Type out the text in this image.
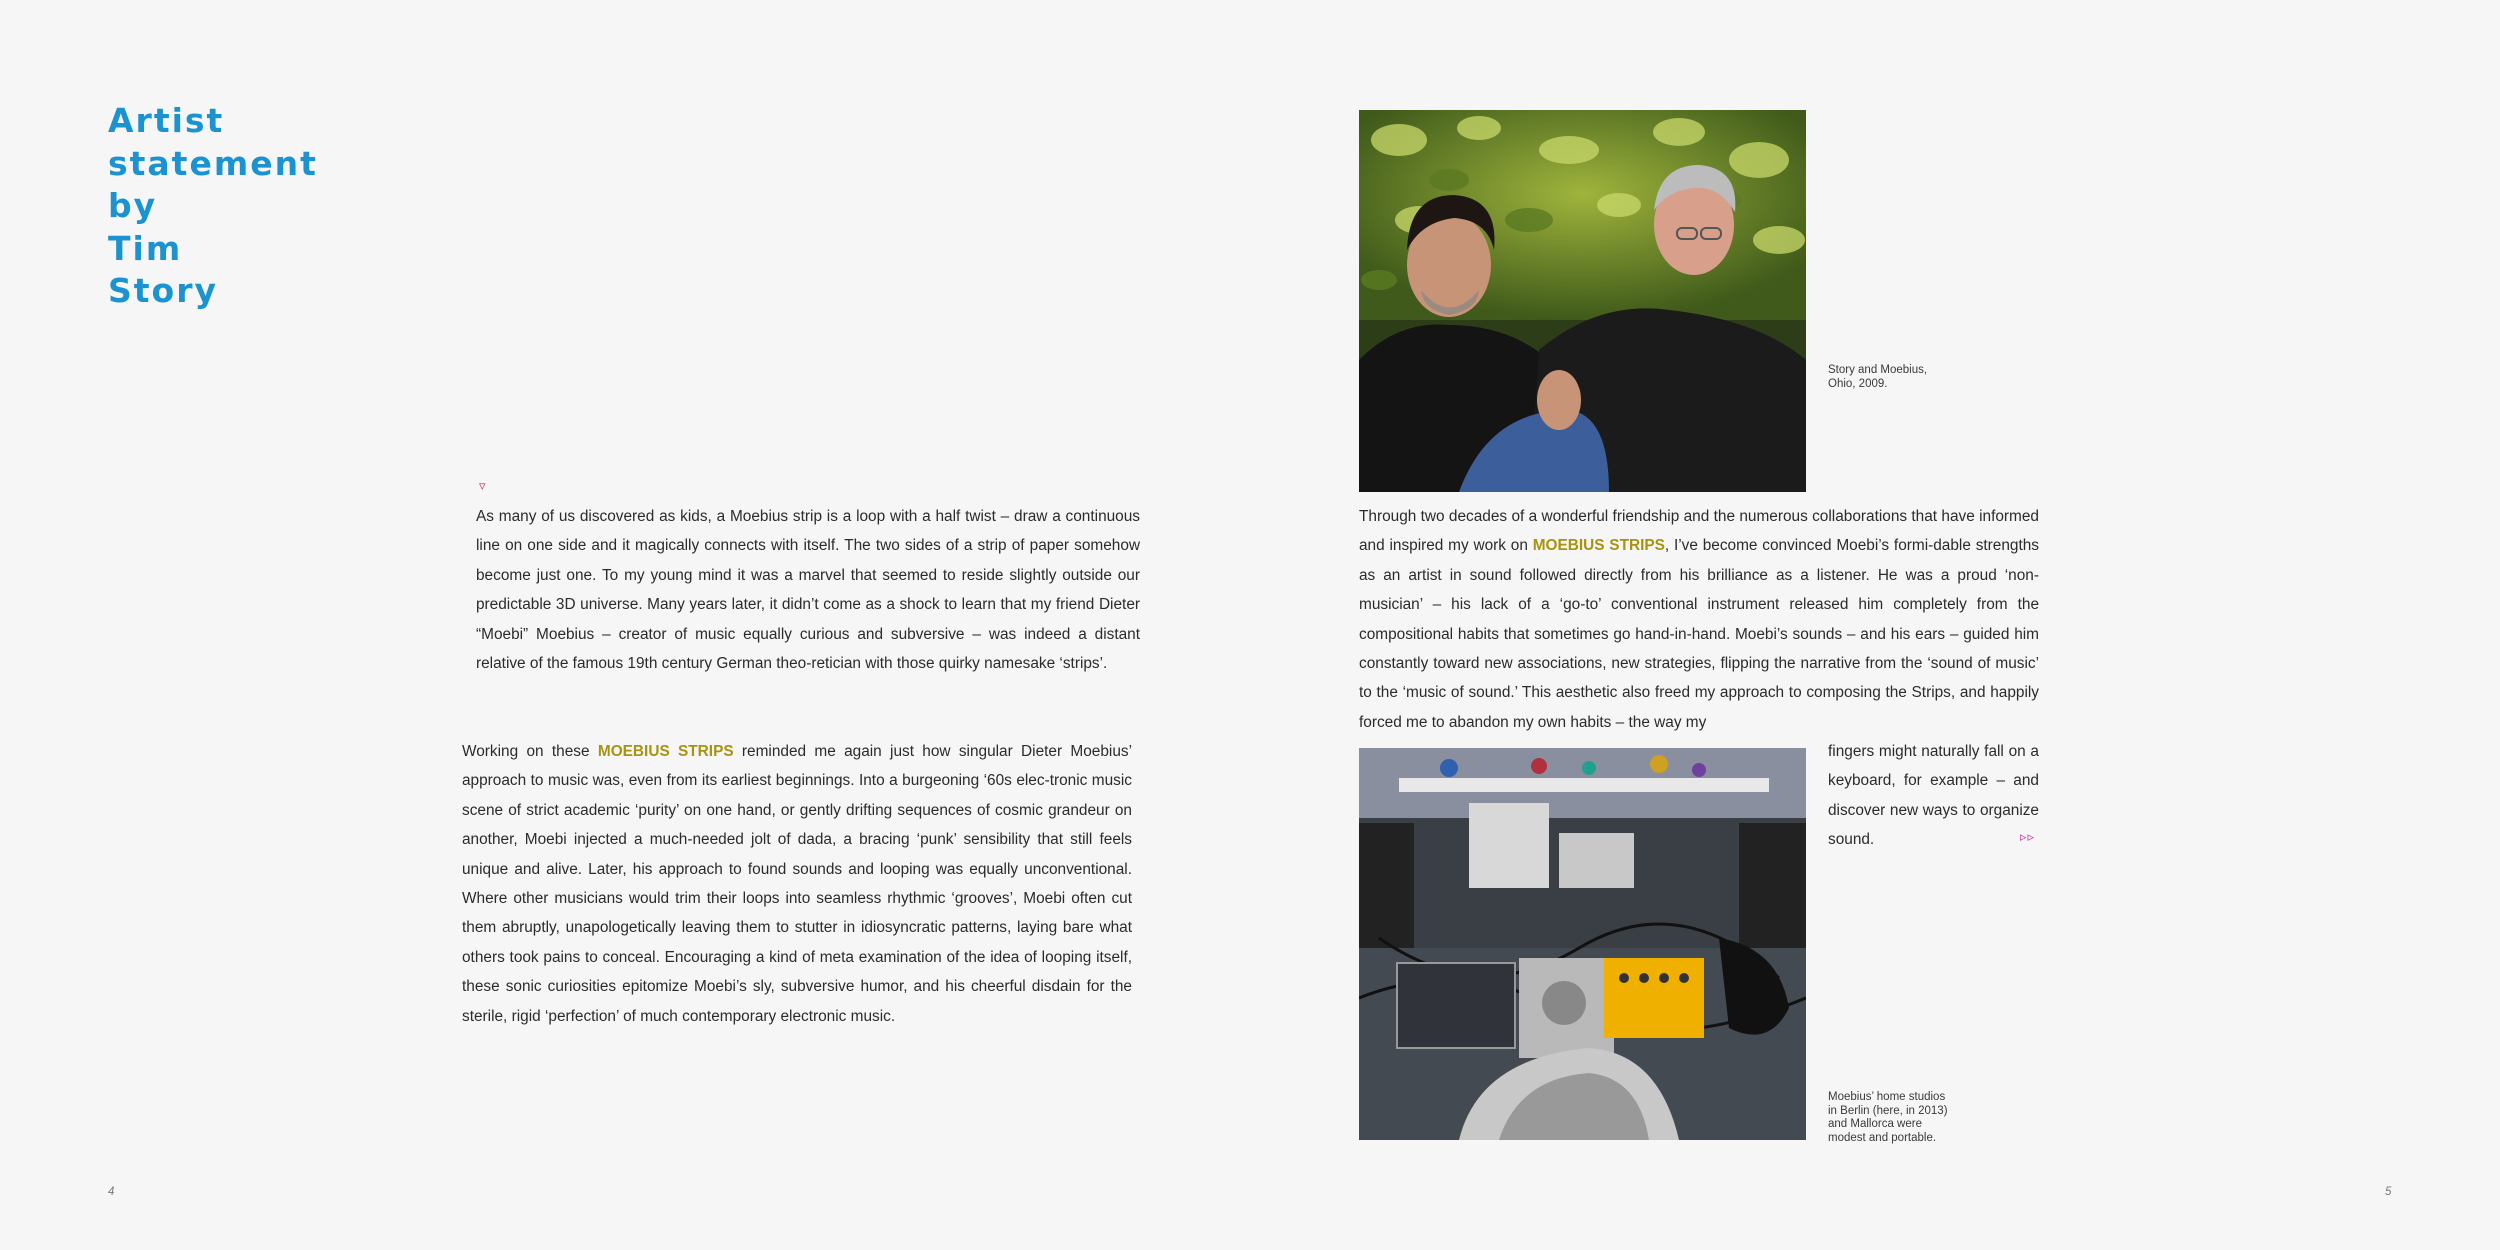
Artist
statement
by
Tim
Story
▿

As many of us discovered as kids, a Moebius strip is a loop with a half twist – draw a continuous line on one side and it magically connects with itself. The two sides of a strip of paper somehow become just one. To my young mind it was a marvel that seemed to reside slightly outside our predictable 3D universe. Many years later, it didn’t come as a shock to learn that my friend Dieter “Moebi” Moebius – creator of music equally curious and subversive – was indeed a distant relative of the famous 19th century German theo-retician with those quirky namesake ‘strips’.

Working on these MOEBIUS STRIPS reminded me again just how singular Dieter Moebius’ approach to music was, even from its earliest beginnings. Into a burgeoning ‘60s elec-tronic music scene of strict academic ‘purity’ on one hand, or gently drifting sequences of cosmic grandeur on another, Moebi injected a much-needed jolt of dada, a bracing ‘punk’ sensibility that still feels unique and alive. Later, his approach to found sounds and looping was equally unconventional. Where other musicians would trim their loops into seamless rhythmic ‘grooves’, Moebi often cut them abruptly, unapologetically leaving them to stutter in idiosyncratic patterns, laying bare what others took pains to conceal. Encouraging a kind of meta examination of the idea of looping itself, these sonic curiosities epitomize Moebi’s sly, subversive humor, and his cheerful disdain for the sterile, rigid ‘perfection’ of much contemporary electronic music.

Story and Moebius, Ohio, 2009.

Through two decades of a wonderful friendship and the numerous collaborations that have informed and inspired my work on MOEBIUS STRIPS, I’ve become convinced Moebi’s formi-dable strengths as an artist in sound followed directly from his brilliance as a listener. He was a proud ‘non-musician’ – his lack of a ‘go-to’ conventional instrument released him completely from the compositional habits that sometimes go hand-in-hand. Moebi’s sounds – and his ears – guided him constantly toward new associations, new strategies, flipping the narrative from the ‘sound of music’ to the ‘music of sound.’ This aesthetic also freed my approach to composing the Strips, and happily forced me to abandon my own habits – the way my

fingers might naturally fall on a keyboard, for example – and discover new ways to organize sound.	▹▹

Moebius’ home studios in Berlin (here, in 2013) and Mallorca were modest and portable.

4	5
